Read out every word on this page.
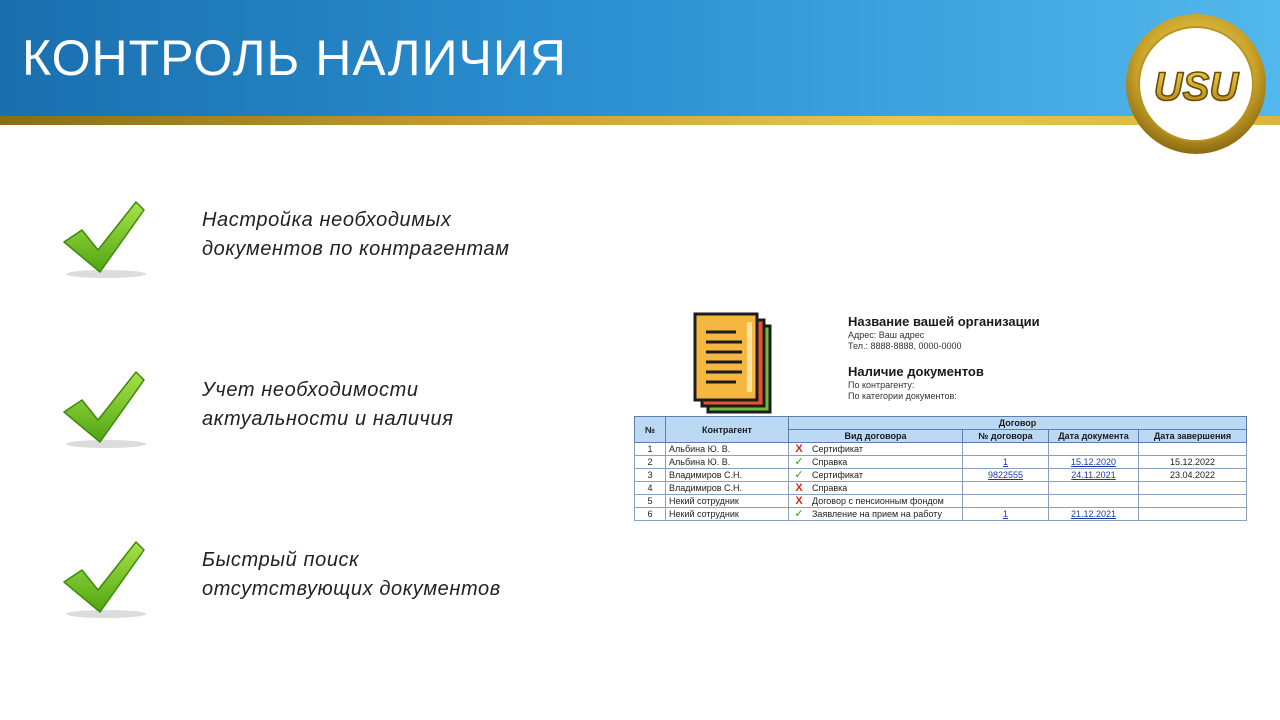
КОНТРОЛЬ НАЛИЧИЯ
USU
Настройка необходимых
документов по контрагентам
Учет необходимости
актуальности и наличия
Быстрый поиск
отсутствующих документов
Название вашей организации
Адрес: Ваш адрес
Тел.: 8888-8888, 0000-0000
Наличие документов
По контрагенту:
По категории документов:
№	Контрагент	Договор			
		Вид договора	№ договора	Дата документа	Дата завершения
1	Альбина Ю. В.	X Сертификат			
2	Альбина Ю. В.	✓ Справка	1	15.12.2020	15.12.2022
3	Владимиров С.Н.	✓ Сертификат	9822555	24.11.2021	23.04.2022
4	Владимиров С.Н.	X Справка			
5	Некий сотрудник	X Договор с пенсионным фондом			
6	Некий сотрудник	✓ Заявление на прием на работу	1	21.12.2021	
